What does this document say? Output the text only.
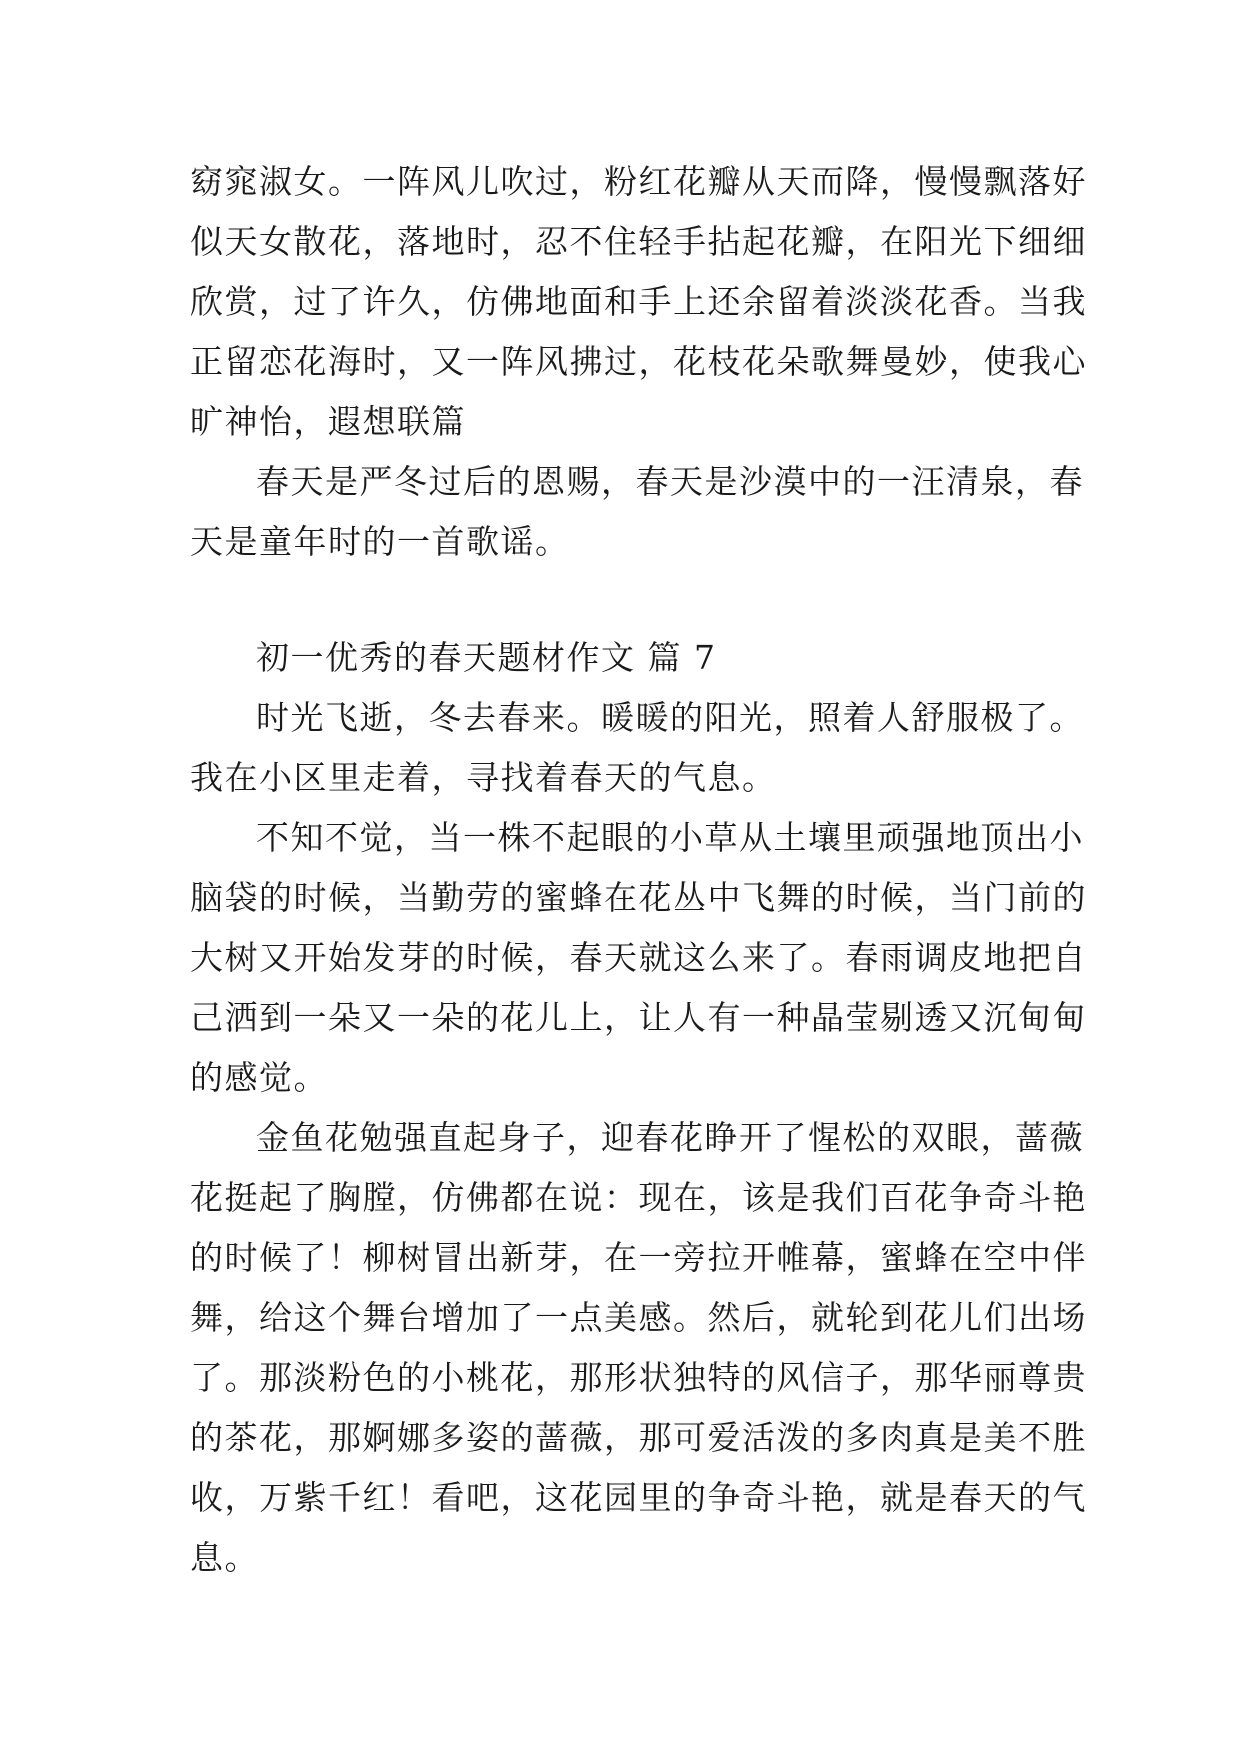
窈窕淑女。一阵风儿吹过，粉红花瓣从天而降，慢慢飘落好
似天女散花，落地时，忍不住轻手拈起花瓣，在阳光下细细
欣赏，过了许久，仿佛地面和手上还余留着淡淡花香。当我
正留恋花海时，又一阵风拂过，花枝花朵歌舞曼妙，使我心
旷神怡，遐想联篇
春天是严冬过后的恩赐，春天是沙漠中的一汪清泉，春
天是童年时的一首歌谣。
初一优秀的春天题材作文 篇 7
时光飞逝，冬去春来。暖暖的阳光，照着人舒服极了。
我在小区里走着，寻找着春天的气息。
不知不觉，当一株不起眼的小草从土壤里顽强地顶出小
脑袋的时候，当勤劳的蜜蜂在花丛中飞舞的时候，当门前的
大树又开始发芽的时候，春天就这么来了。春雨调皮地把自
己洒到一朵又一朵的花儿上，让人有一种晶莹剔透又沉甸甸
的感觉。
金鱼花勉强直起身子，迎春花睁开了惺松的双眼，蔷薇
花挺起了胸膛，仿佛都在说：现在，该是我们百花争奇斗艳
的时候了！柳树冒出新芽，在一旁拉开帷幕，蜜蜂在空中伴
舞，给这个舞台增加了一点美感。然后，就轮到花儿们出场
了。那淡粉色的小桃花，那形状独特的风信子，那华丽尊贵
的茶花，那婀娜多姿的蔷薇，那可爱活泼的多肉真是美不胜
收，万紫千红！看吧，这花园里的争奇斗艳，就是春天的气
息。
